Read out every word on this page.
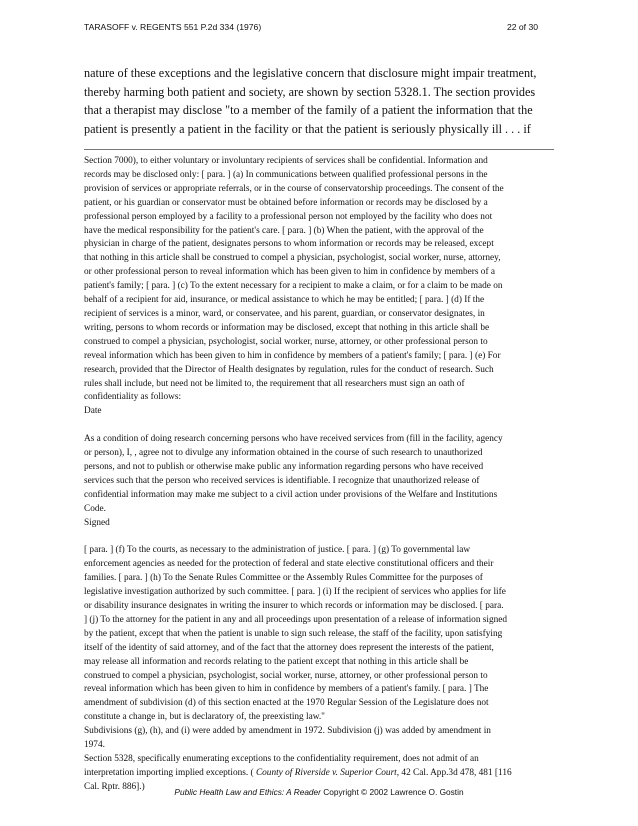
TARASOFF v. REGENTS 551 P.2d 334 (1976)	22 of 30
nature of these exceptions and the legislative concern that disclosure might impair treatment,
thereby harming both patient and society, are shown by section 5328.1. The section provides
that a therapist may disclose "to a member of the family of a patient the information that the
patient is presently a patient in the facility or that the patient is seriously physically ill . . . if
Section 7000), to either voluntary or involuntary recipients of services shall be confidential. Information and
records may be disclosed only: [ para. ] (a) In communications between qualified professional persons in the
provision of services or appropriate referrals, or in the course of conservatorship proceedings. The consent of the
patient, or his guardian or conservator must be obtained before information or records may be disclosed by a
professional person employed by a facility to a professional person not employed by the facility who does not
have the medical responsibility for the patient's care. [ para. ] (b) When the patient, with the approval of the
physician in charge of the patient, designates persons to whom information or records may be released, except
that nothing in this article shall be construed to compel a physician, psychologist, social worker, nurse, attorney,
or other professional person to reveal information which has been given to him in confidence by members of a
patient's family; [ para. ] (c) To the extent necessary for a recipient to make a claim, or for a claim to be made on
behalf of a recipient for aid, insurance, or medical assistance to which he may be entitled; [ para. ] (d) If the
recipient of services is a minor, ward, or conservatee, and his parent, guardian, or conservator designates, in
writing, persons to whom records or information may be disclosed, except that nothing in this article shall be
construed to compel a physician, psychologist, social worker, nurse, attorney, or other professional person to
reveal information which has been given to him in confidence by members of a patient's family; [ para. ] (e) For
research, provided that the Director of Health designates by regulation, rules for the conduct of research. Such
rules shall include, but need not be limited to, the requirement that all researchers must sign an oath of
confidentiality as follows:
Date
As a condition of doing research concerning persons who have received services from (fill in the facility, agency
or person), I, , agree not to divulge any information obtained in the course of such research to unauthorized
persons, and not to publish or otherwise make public any information regarding persons who have received
services such that the person who received services is identifiable. I recognize that unauthorized release of
confidential information may make me subject to a civil action under provisions of the Welfare and Institutions
Code.
Signed
[ para. ] (f) To the courts, as necessary to the administration of justice. [ para. ] (g) To governmental law
enforcement agencies as needed for the protection of federal and state elective constitutional officers and their
families. [ para. ] (h) To the Senate Rules Committee or the Assembly Rules Committee for the purposes of
legislative investigation authorized by such committee. [ para. ] (i) If the recipient of services who applies for life
or disability insurance designates in writing the insurer to which records or information may be disclosed. [ para.
] (j) To the attorney for the patient in any and all proceedings upon presentation of a release of information signed
by the patient, except that when the patient is unable to sign such release, the staff of the facility, upon satisfying
itself of the identity of said attorney, and of the fact that the attorney does represent the interests of the patient,
may release all information and records relating to the patient except that nothing in this article shall be
construed to compel a physician, psychologist, social worker, nurse, attorney, or other professional person to
reveal information which has been given to him in confidence by members of a patient's family. [ para. ] The
amendment of subdivision (d) of this section enacted at the 1970 Regular Session of the Legislature does not
constitute a change in, but is declaratory of, the preexisting law."
Subdivisions (g), (h), and (i) were added by amendment in 1972. Subdivision (j) was added by amendment in
1974.
Section 5328, specifically enumerating exceptions to the confidentiality requirement, does not admit of an
interpretation importing implied exceptions. ( County of Riverside v. Superior Court, 42 Cal. App.3d 478, 481 [116
Cal. Rptr. 886].)
Public Health Law and Ethics: A Reader Copyright © 2002 Lawrence O. Gostin
